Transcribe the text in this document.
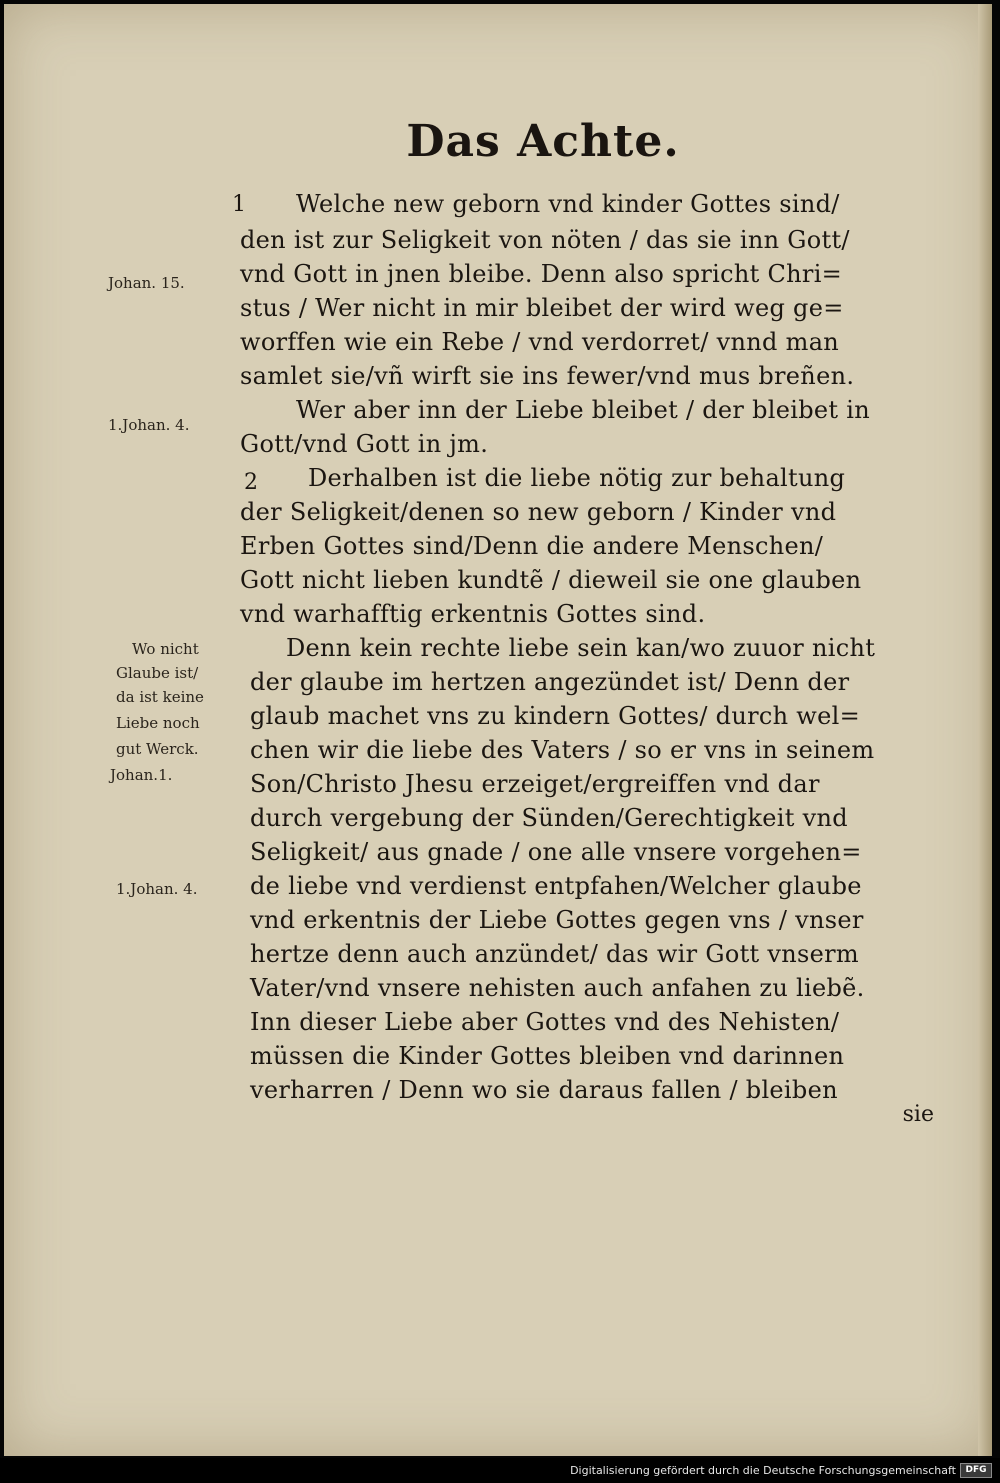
Das Achte.
1
2
Johan. 15.
1.Johan. 4.
Wo nicht
Glaube ist/
da ist keine
Liebe noch
gut Werck.
Johan.1.
1.Johan. 4.
Welche new geborn vnd kinder Gottes sind/
den ist zur Seligkeit von nöten / das sie inn Gott/
vnd Gott in jnen bleibe. Denn also spricht Chri=
stus / Wer nicht in mir bleibet der wird weg ge=
worffen wie ein Rebe / vnd verdorret/ vnnd man
samlet sie/vñ wirft sie ins fewer/vnd mus breñen.
Wer aber inn der Liebe bleibet / der bleibet in
Gott/vnd Gott in jm.
Derhalben ist die liebe nötig zur behaltung
der Seligkeit/denen so new geborn / Kinder vnd
Erben Gottes sind/Denn die andere Menschen/
Gott nicht lieben kundtẽ / dieweil sie one glauben
vnd warhafftig erkentnis Gottes sind.
Denn kein rechte liebe sein kan/wo zuuor nicht
der glaube im hertzen angezündet ist/ Denn der
glaub machet vns zu kindern Gottes/ durch wel=
chen wir die liebe des Vaters / so er vns in seinem
Son/Christo Jhesu erzeiget/ergreiffen vnd dar
durch vergebung der Sünden/Gerechtigkeit vnd
Seligkeit/ aus gnade / one alle vnsere vorgehen=
de liebe vnd verdienst entpfahen/Welcher glaube
vnd erkentnis der Liebe Gottes gegen vns / vnser
hertze denn auch anzündet/ das wir Gott vnserm
Vater/vnd vnsere nehisten auch anfahen zu liebẽ.
Inn dieser Liebe aber Gottes vnd des Nehisten/
müssen die Kinder Gottes bleiben vnd darinnen
verharren / Denn wo sie daraus fallen / bleiben
sie
Digitalisierung gefördert durch die Deutsche Forschungsgemeinschaft	DFG
